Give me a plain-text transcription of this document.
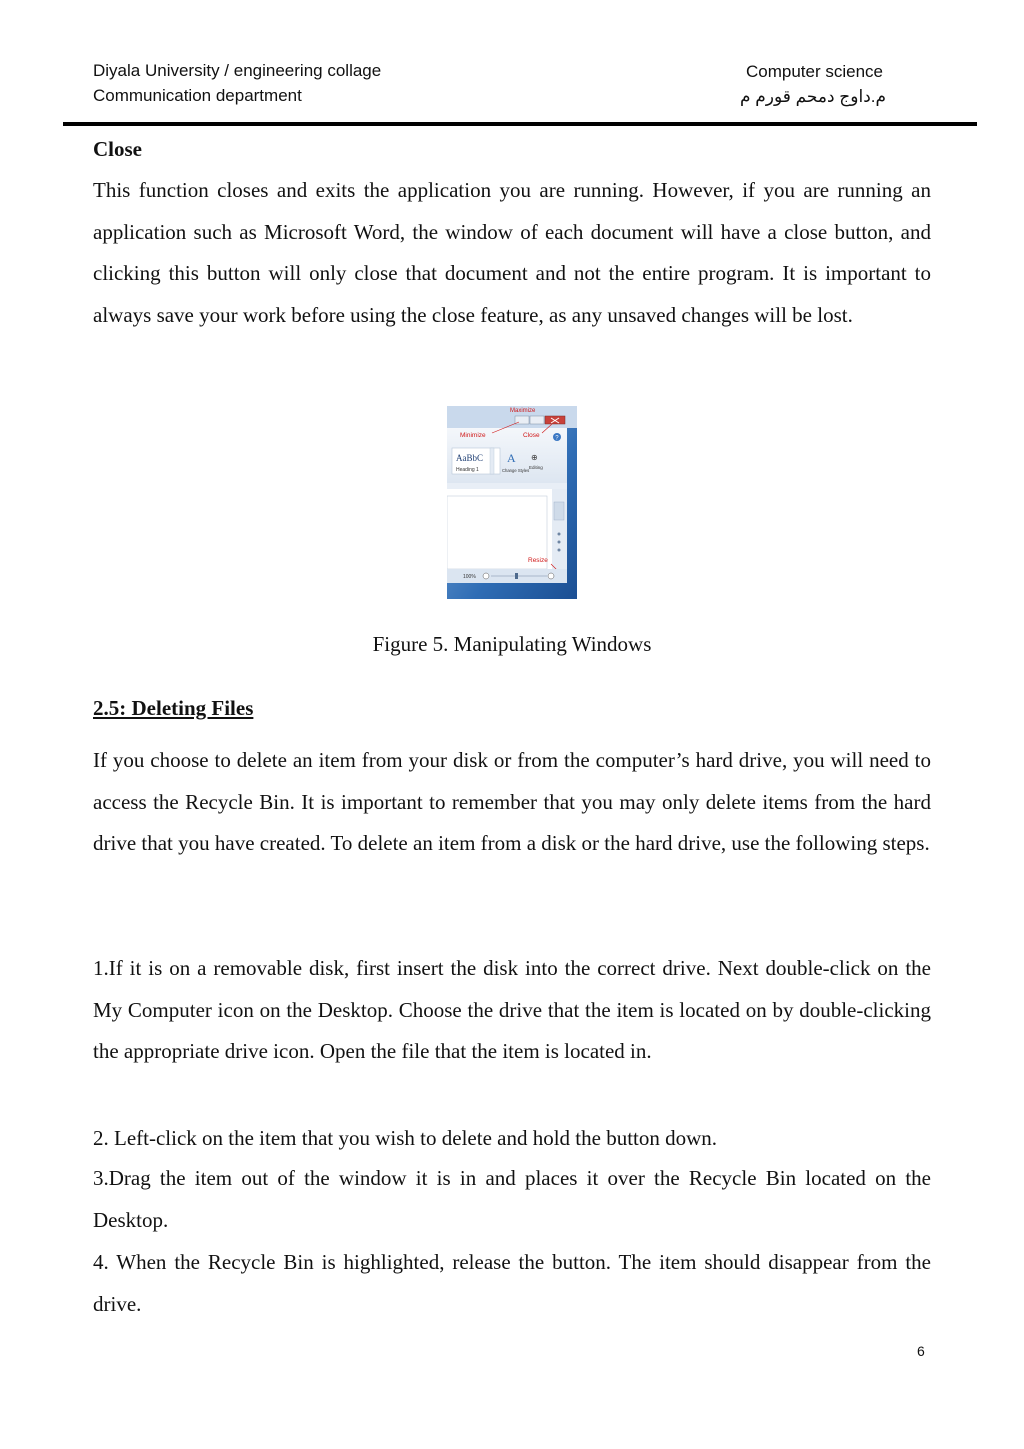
Diyala University / engineering collage
Communication department
Computer science
م.داوج دمحم قورم م
Close

This function closes and exits the application you are running. However, if you are running an application such as Microsoft Word, the window of each document will have a close button, and clicking this button will only close that document and not the entire program. It is important to always save your work before using the close feature, as any unsaved changes will be lost.

Maximize
Minimize	Close	?
AaBbC
Heading 1
A
Change Styles
⊕
Editing
Resize
100%
Figure 5. Manipulating Windows
2.5: Deleting Files

If you choose to delete an item from your disk or from the computer’s hard drive, you will need to access the Recycle Bin. It is important to remember that you may only delete items from the hard drive that you have created. To delete an item from a disk or the hard drive, use the following steps.

1.If it is on a removable disk, first insert the disk into the correct drive. Next double-click on the My Computer icon on the Desktop. Choose the drive that the item is located on by double-clicking the appropriate drive icon. Open the file that the item is located in.

2. Left-click on the item that you wish to delete and hold the button down.

3.Drag the item out of the window it is in and places it over the Recycle Bin located on the Desktop.

4. When the Recycle Bin is highlighted, release the button. The item should disappear from the drive.

6
